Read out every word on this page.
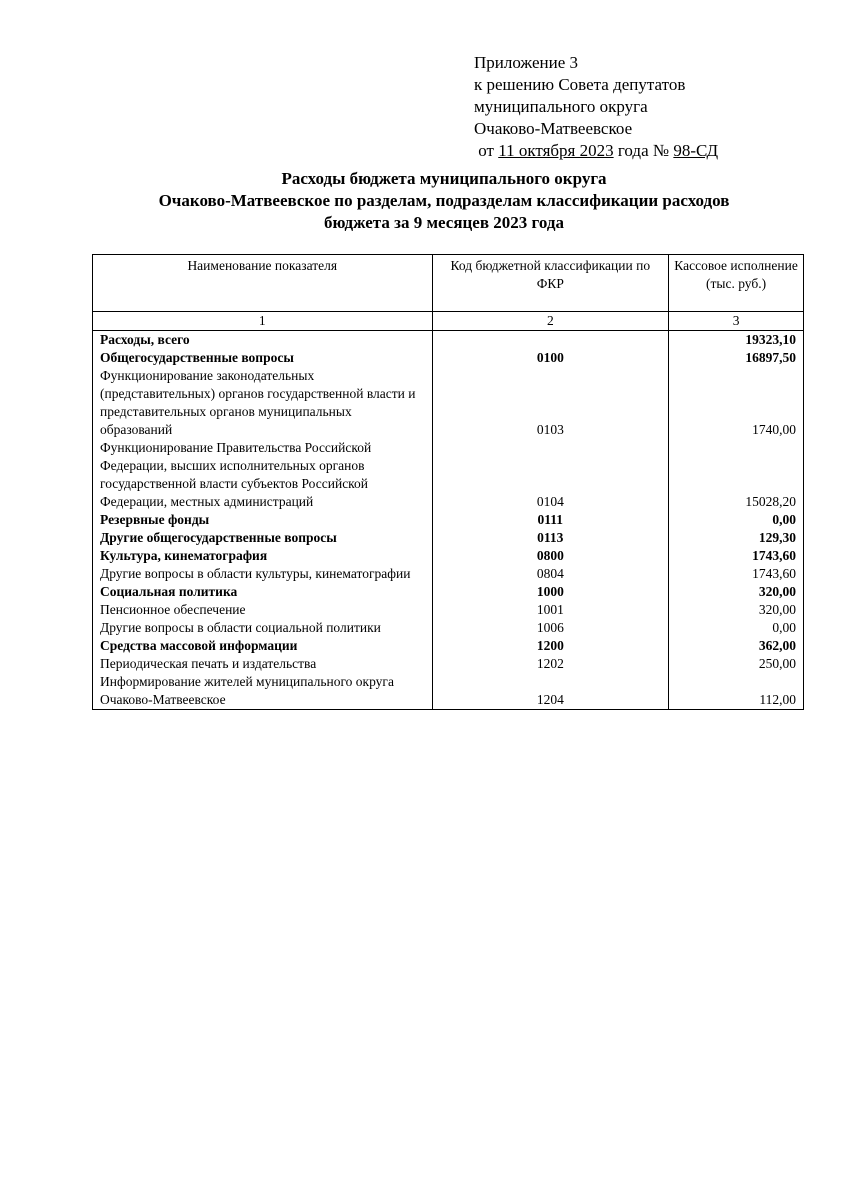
Приложение 3
к решению Совета депутатов
муниципального округа
Очаково-Матвеевское
от 11 октября 2023 года № 98-СД
Расходы бюджета муниципального округа
Очаково-Матвеевское по разделам, подразделам классификации расходов
бюджета за 9 месяцев 2023 года
Наименование показателя	Код бюджетной классификации по ФКР	Кассовое исполнение (тыс. руб.)
1	2	3
Расходы, всего		19323,10
Общегосударственные вопросы	0100	16897,50
Функционирование законодательных (представительных) органов государственной власти и представительных органов муниципальных образований	0103	1740,00
Функционирование Правительства Российской Федерации, высших исполнительных органов государственной власти субъектов Российской Федерации, местных администраций	0104	15028,20
Резервные фонды	0111	0,00
Другие общегосударственные вопросы	0113	129,30
Культура, кинематография	0800	1743,60
Другие вопросы в области культуры, кинематографии	0804	1743,60
Социальная политика	1000	320,00
Пенсионное обеспечение	1001	320,00
Другие вопросы в области социальной политики	1006	0,00
Средства массовой информации	1200	362,00
Периодическая печать и издательства	1202	250,00
Информирование жителей муниципального округа Очаково-Матвеевское	1204	112,00
